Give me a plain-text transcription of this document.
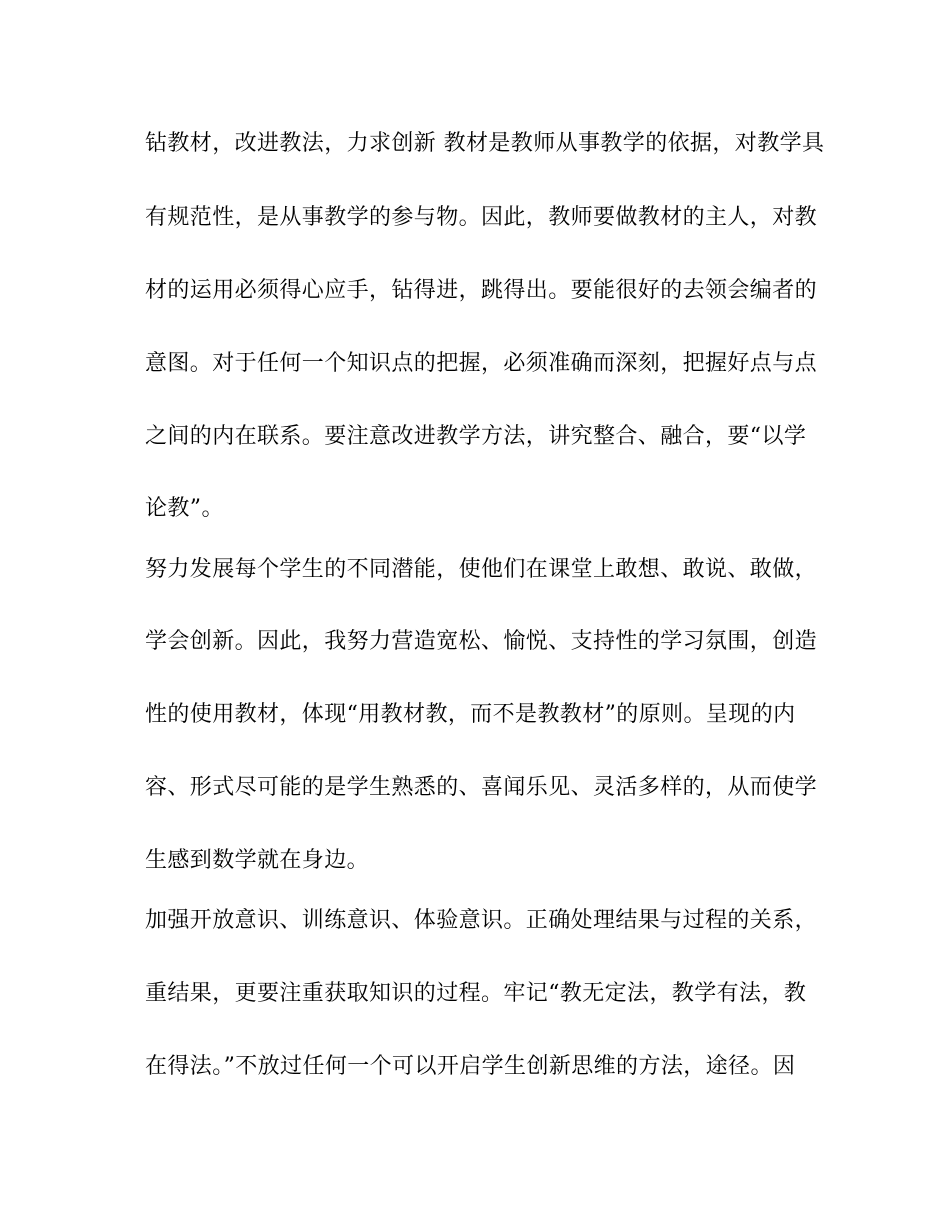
钻教材，改进教法，力求创新 教材是教师从事教学的依据，对教学具
有规范性，是从事教学的参与物。因此，教师要做教材的主人，对教
材的运用必须得心应手，钻得进，跳得出。要能很好的去领会编者的
意图。对于任何一个知识点的把握，必须准确而深刻，把握好点与点
之间的内在联系。要注意改进教学方法，讲究整合、融合，要“以学
论教”。
努力发展每个学生的不同潜能，使他们在课堂上敢想、敢说、敢做，
学会创新。因此，我努力营造宽松、愉悦、支持性的学习氛围，创造
性的使用教材，体现“用教材教，而不是教教材”的原则。呈现的内
容、形式尽可能的是学生熟悉的、喜闻乐见、灵活多样的，从而使学
生感到数学就在身边。
加强开放意识、训练意识、体验意识。正确处理结果与过程的关系，
重结果，更要注重获取知识的过程。牢记“教无定法，教学有法，教
在得法。”不放过任何一个可以开启学生创新思维的方法，途径。因
